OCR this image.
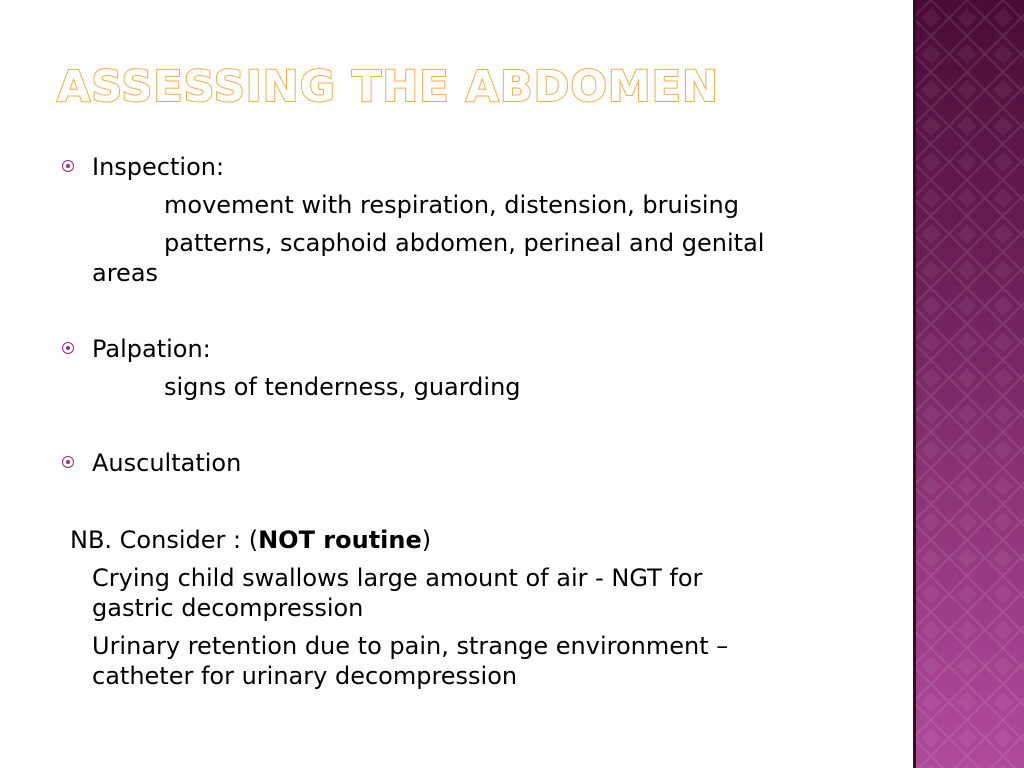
ASSESSING THE ABDOMEN
Inspection:
movement with respiration, distension, bruising
patterns, scaphoid abdomen, perineal and genital
areas
Palpation:
signs of tenderness, guarding
Auscultation
NB. Consider : (NOT routine)
Crying child swallows large amount of air - NGT for
gastric decompression
Urinary retention due to pain, strange environment –
catheter for urinary decompression
